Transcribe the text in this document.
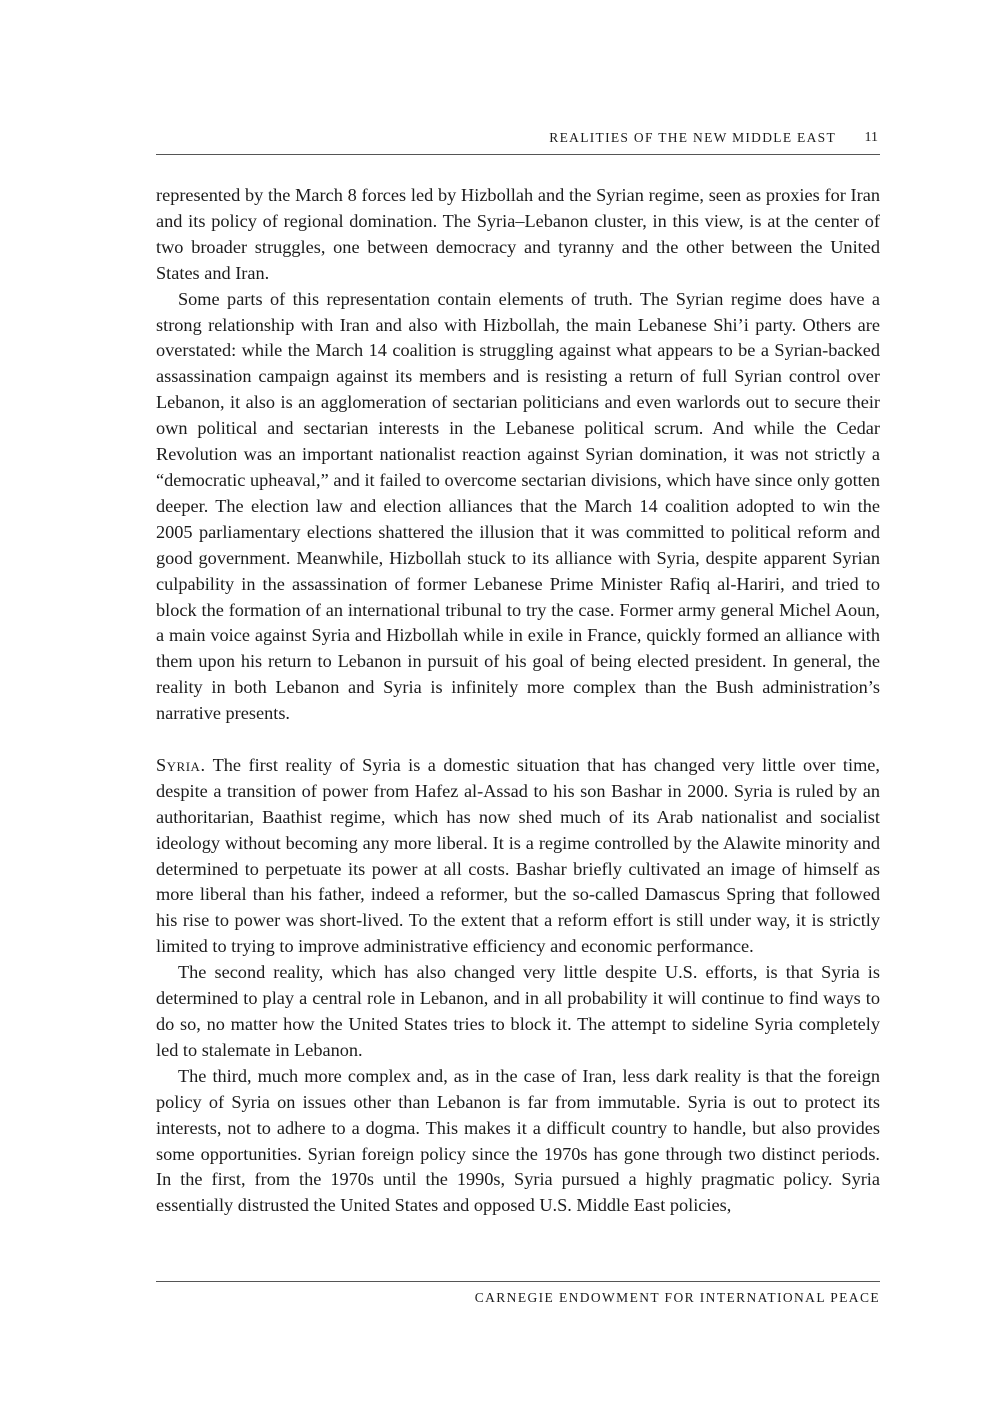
REALITIES OF THE NEW MIDDLE EAST 11

represented by the March 8 forces led by Hizbollah and the Syrian regime, seen as proxies for Iran and its policy of regional domination. The Syria–Lebanon cluster, in this view, is at the center of two broader struggles, one between democracy and tyranny and the other between the United States and Iran.

Some parts of this representation contain elements of truth. The Syrian regime does have a strong relationship with Iran and also with Hizbollah, the main Lebanese Shi’i party. Others are overstated: while the March 14 coalition is struggling against what appears to be a Syrian-backed assassination campaign against its members and is resisting a return of full Syrian control over Lebanon, it also is an agglomeration of sectarian politicians and even warlords out to secure their own political and sectarian interests in the Lebanese political scrum. And while the Cedar Revolution was an important nationalist reaction against Syrian domination, it was not strictly a “democratic upheaval,” and it failed to overcome sectarian divisions, which have since only gotten deeper. The election law and election alliances that the March 14 coalition adopted to win the 2005 parliamentary elections shattered the illusion that it was committed to political reform and good government. Meanwhile, Hizbollah stuck to its alliance with Syria, despite apparent Syrian culpability in the assassination of former Lebanese Prime Minister Rafiq al-Hariri, and tried to block the formation of an international tribunal to try the case. Former army general Michel Aoun, a main voice against Syria and Hizbollah while in exile in France, quickly formed an alliance with them upon his return to Lebanon in pursuit of his goal of being elected president. In general, the reality in both Lebanon and Syria is infinitely more complex than the Bush administration’s narrative presents.

Syria. The first reality of Syria is a domestic situation that has changed very little over time, despite a transition of power from Hafez al-Assad to his son Bashar in 2000. Syria is ruled by an authoritarian, Baathist regime, which has now shed much of its Arab nationalist and socialist ideology without becoming any more liberal. It is a regime controlled by the Alawite minority and determined to perpetuate its power at all costs. Bashar briefly cultivated an image of himself as more liberal than his father, indeed a reformer, but the so-called Damascus Spring that followed his rise to power was short-lived. To the extent that a reform effort is still under way, it is strictly limited to trying to improve administrative efficiency and economic performance.

The second reality, which has also changed very little despite U.S. efforts, is that Syria is determined to play a central role in Lebanon, and in all probability it will continue to find ways to do so, no matter how the United States tries to block it. The attempt to sideline Syria completely led to stalemate in Lebanon.

The third, much more complex and, as in the case of Iran, less dark reality is that the foreign policy of Syria on issues other than Lebanon is far from immutable. Syria is out to protect its interests, not to adhere to a dogma. This makes it a difficult country to handle, but also provides some opportunities. Syrian foreign policy since the 1970s has gone through two distinct periods. In the first, from the 1970s until the 1990s, Syria pursued a highly pragmatic policy. Syria essentially distrusted the United States and opposed U.S. Middle East policies,

CARNEGIE ENDOWMENT FOR INTERNATIONAL PEACE
